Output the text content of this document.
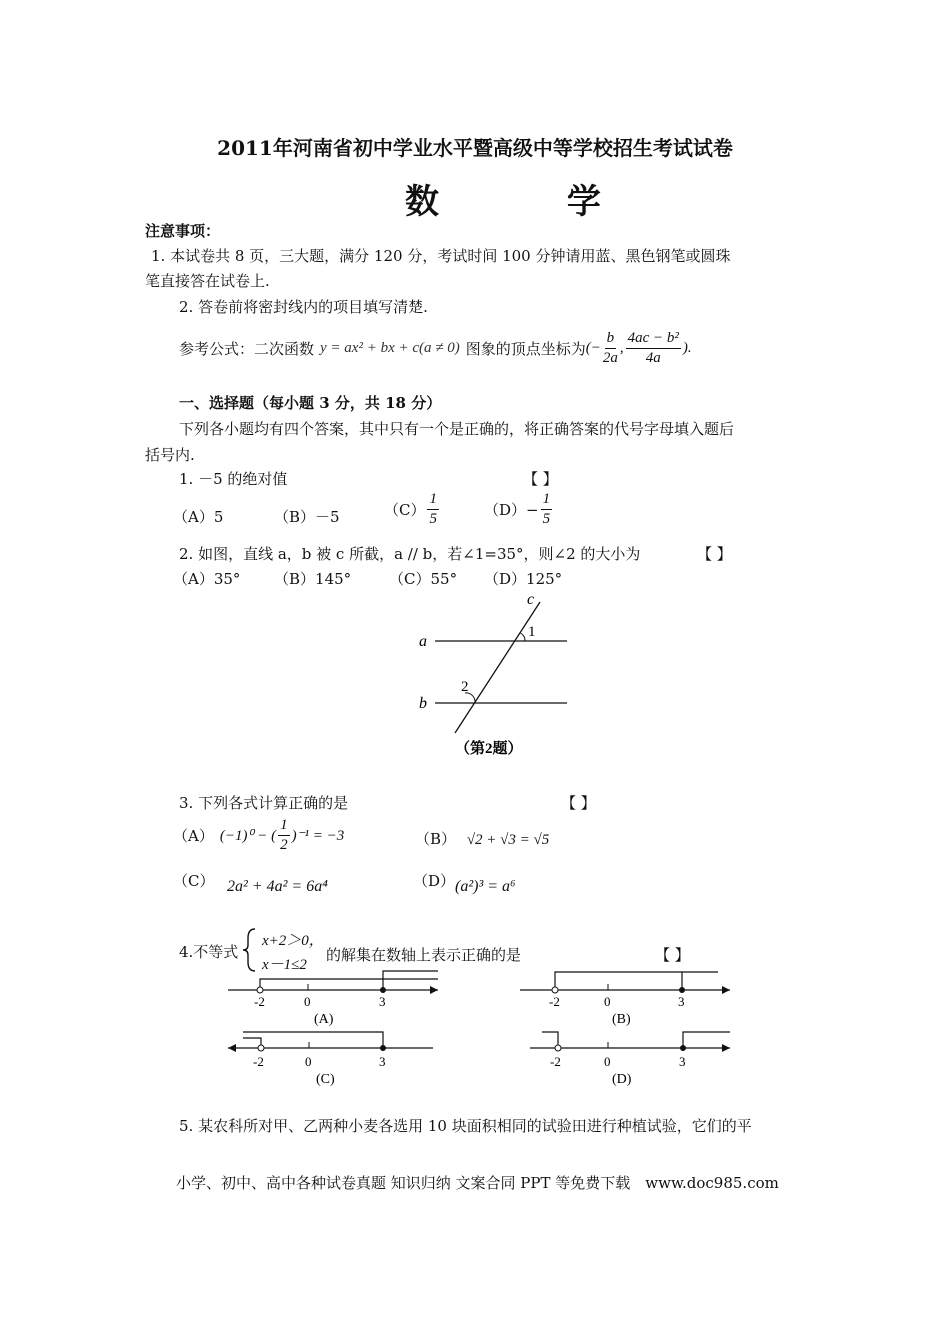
2011年河南省初中学业水平暨高级中等学校招生考试试卷
数 学
注意事项：
1. 本试卷共 8 页，三大题，满分 120 分，考试时间 100 分钟请用蓝、黑色钢笔或圆珠
笔直接答在试卷上.
2. 答卷前将密封线内的项目填写清楚.
参考公式：二次函数 y = ax² + bx + c(a ≠ 0) 图象的顶点坐标为 (− $\frac{b}{2a}$ , $\frac{\text{4ac − b²}}{4a}$ ).
一、选择题（每小题 3 分，共 18 分）
下列各小题均有四个答案，其中只有一个是正确的，将正确答案的代号字母填入题后
括号内.
1. －5 的绝对值	【 】
（A）5	（B）－5	$(C) \frac{1}{5}$	$(D)- \frac{1}{5}$
2. 如图，直线 a，b 被 c 所截，a // b，若∠1=35°，则∠2 的大小为	【 】
（A）35° （B）145°	（C）55° （D）125°
a
b
c
1
2
（第2题）
3. 下列各式计算正确的是	【 】
（A） (−1)⁰ − ( $\frac{1}{2} )^{-1} = -3$	（B） √2 + √3 = √5
（C） 2a² + 4a² = 6a⁴	（D） (a²)³ = a⁶
4.不等式
x+2＞0，
x－1≤2
的解集在数轴上表示正确的是	【 】
-2	0	3
(A)
-2	0	3
(B)
-2	0	3
(C)
-2	0	3
(D)
5. 某农科所对甲、乙两种小麦各选用 10 块面积相同的试验田进行种植试验，它们的平
小学、初中、高中各种试卷真题 知识归纳 文案合同 PPT 等免费下载　www.doc985.com
